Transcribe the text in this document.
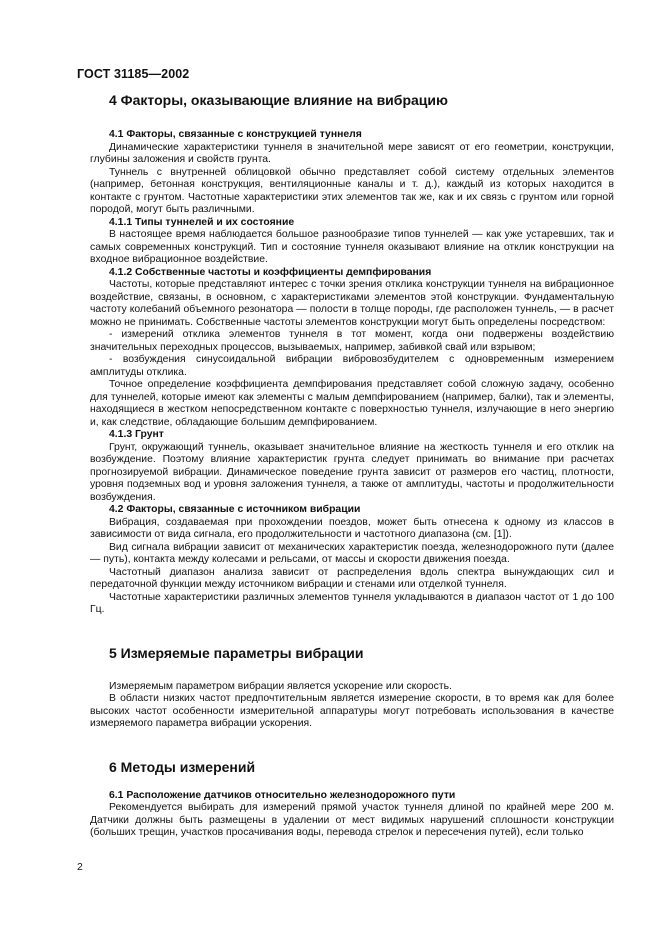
ГОСТ 31185—2002
4 Факторы, оказывающие влияние на вибрацию
4.1 Факторы, связанные с конструкцией туннеля

Динамические характеристики туннеля в значительной мере зависят от его геометрии, конструкции, глубины заложения и свойств грунта.

Туннель с внутренней облицовкой обычно представляет собой систему отдельных элементов (например, бетонная конструкция, вентиляционные каналы и т. д.), каждый из которых находится в контакте с грунтом. Частотные характеристики этих элементов так же, как и их связь с грунтом или горной породой, могут быть различными.

4.1.1 Типы туннелей и их состояние

В настоящее время наблюдается большое разнообразие типов туннелей — как уже устаревших, так и самых современных конструкций. Тип и состояние туннеля оказывают влияние на отклик конструкции на входное вибрационное воздействие.

4.1.2 Собственные частоты и коэффициенты демпфирования

Частоты, которые представляют интерес с точки зрения отклика конструкции туннеля на вибрационное воздействие, связаны, в основном, с характеристиками элементов этой конструкции. Фундаментальную частоту колебаний объемного резонатора — полости в толще породы, где расположен туннель, — в расчет можно не принимать. Собственные частоты элементов конструкции могут быть определены посредством:

- измерений отклика элементов туннеля в тот момент, когда они подвержены воздействию значительных переходных процессов, вызываемых, например, забивкой свай или взрывом;

- возбуждения синусоидальной вибрации вибровозбудителем с одновременным измерением амплитуды отклика.

Точное определение коэффициента демпфирования представляет собой сложную задачу, особенно для туннелей, которые имеют как элементы с малым демпфированием (например, балки), так и элементы, находящиеся в жестком непосредственном контакте с поверхностью туннеля, излучающие в него энергию и, как следствие, обладающие большим демпфированием.

4.1.3 Грунт

Грунт, окружающий туннель, оказывает значительное влияние на жесткость туннеля и его отклик на возбуждение. Поэтому влияние характеристик грунта следует принимать во внимание при расчетах прогнозируемой вибрации. Динамическое поведение грунта зависит от размеров его частиц, плотности, уровня подземных вод и уровня заложения туннеля, а также от амплитуды, частоты и продолжительности возбуждения.

4.2 Факторы, связанные с источником вибрации

Вибрация, создаваемая при прохождении поездов, может быть отнесена к одному из классов в зависимости от вида сигнала, его продолжительности и частотного диапазона (см. [1]).

Вид сигнала вибрации зависит от механических характеристик поезда, железнодорожного пути (далее — путь), контакта между колесами и рельсами, от массы и скорости движения поезда.

Частотный диапазон анализа зависит от распределения вдоль спектра вынуждающих сил и передаточной функции между источником вибрации и стенами или отделкой туннеля.

Частотные характеристики различных элементов туннеля укладываются в диапазон частот от 1 до 100 Гц.

5 Измеряемые параметры вибрации

Измеряемым параметром вибрации является ускорение или скорость.

В области низких частот предпочтительным является измерение скорости, в то время как для более высоких частот особенности измерительной аппаратуры могут потребовать использования в качестве измеряемого параметра вибрации ускорения.

6 Методы измерений
6.1 Расположение датчиков относительно железнодорожного пути

Рекомендуется выбирать для измерений прямой участок туннеля длиной по крайней мере 200 м. Датчики должны быть размещены в удалении от мест видимых нарушений сплошности конструкции (больших трещин, участков просачивания воды, перевода стрелок и пересечения путей), если только

2
